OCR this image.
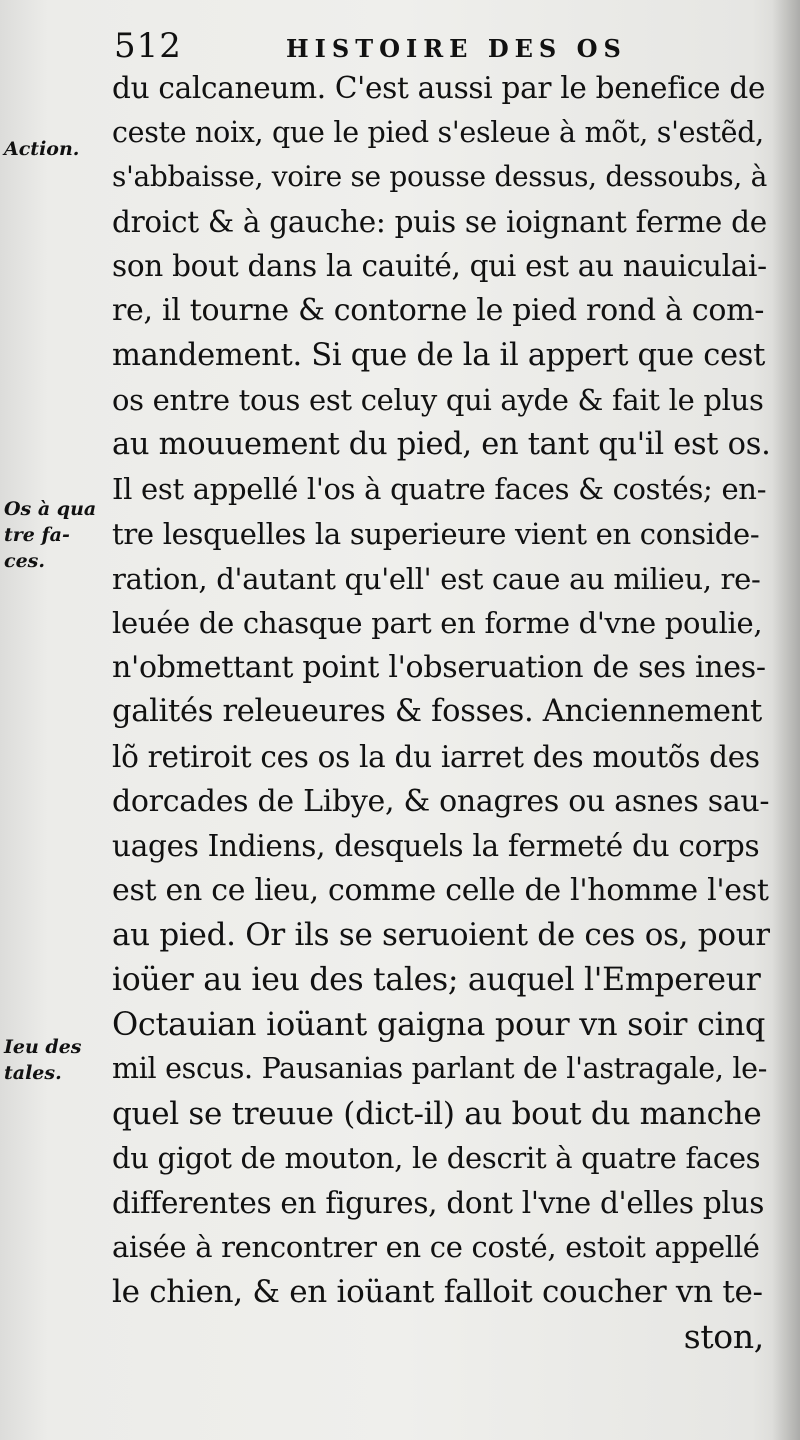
512	HISTOIRE DES OS
Action.
Os à qua tre fa- ces.
Ieu des tales.
du calcaneum. C'est aussi par le benefice de
ceste noix, que le pied s'esleue à mõt, s'estẽd,
s'abbaisse, voire se pousse dessus, dessoubs, à
droict & à gauche: puis se ioignant ferme de
son bout dans la cauité, qui est au nauiculai-
re, il tourne & contorne le pied rond à com-
mandement. Si que de la il appert que cest
os entre tous est celuy qui ayde & fait le plus
au mouuement du pied, en tant qu'il est os.
Il est appellé l'os à quatre faces & costés; en-
tre lesquelles la superieure vient en conside-
ration, d'autant qu'ell' est caue au milieu, re-
leuée de chasque part en forme d'vne poulie,
n'obmettant point l'obseruation de ses ines-
galités releueures & fosses. Anciennement
lõ retiroit ces os la du iarret des moutõs des
dorcades de Libye, & onagres ou asnes sau-
uages Indiens, desquels la fermeté du corps
est en ce lieu, comme celle de l'homme l'est
au pied. Or ils se seruoient de ces os, pour
ioüer au ieu des tales; auquel l'Empereur
Octauian ioüant gaigna pour vn soir cinq
mil escus. Pausanias parlant de l'astragale, le-
quel se treuue (dict-il) au bout du manche
du gigot de mouton, le descrit à quatre faces
differentes en figures, dont l'vne d'elles plus
aisée à rencontrer en ce costé, estoit appellé
le chien, & en ioüant falloit coucher vn te-
ston,
